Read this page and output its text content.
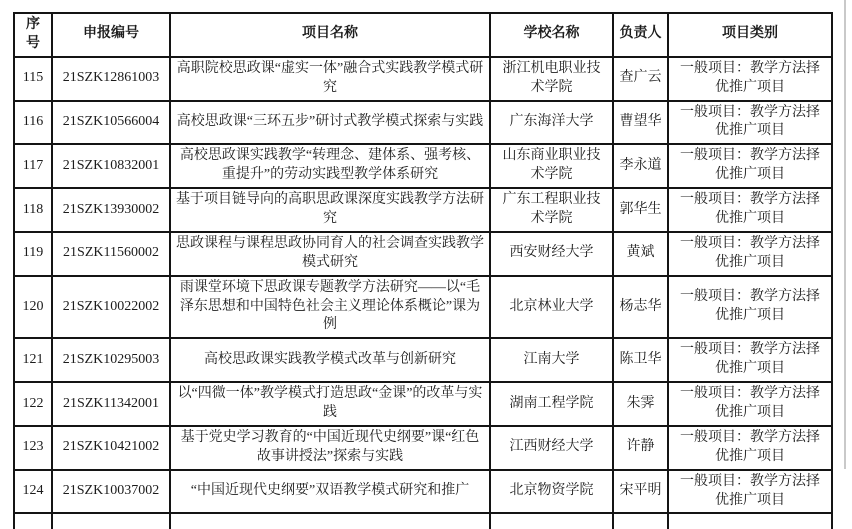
序号	申报编号	项目名称	学校名称	负责人	项目类别
115	21SZK12861003	高职院校思政课“虚实一体”融合式实践教学模式研究	浙江机电职业技术学院	查广云	一般项目：教学方法择优推广项目
116	21SZK10566004	高校思政课“三环五步”研讨式教学模式探索与实践	广东海洋大学	曹望华	一般项目：教学方法择优推广项目
117	21SZK10832001	高校思政课实践教学“转理念、建体系、强考核、重提升”的劳动实践型教学体系研究	山东商业职业技术学院	李永道	一般项目：教学方法择优推广项目
118	21SZK13930002	基于项目链导向的高职思政课深度实践教学方法研究	广东工程职业技术学院	郭华生	一般项目：教学方法择优推广项目
119	21SZK11560002	思政课程与课程思政协同育人的社会调查实践教学模式研究	西安财经大学	黄斌	一般项目：教学方法择优推广项目
120	21SZK10022002	雨课堂环境下思政课专题教学方法研究——以“毛泽东思想和中国特色社会主义理论体系概论”课为例	北京林业大学	杨志华	一般项目：教学方法择优推广项目
121	21SZK10295003	高校思政课实践教学模式改革与创新研究	江南大学	陈卫华	一般项目：教学方法择优推广项目
122	21SZK11342001	以“四微一体”教学模式打造思政“金课”的改革与实践	湖南工程学院	朱霁	一般项目：教学方法择优推广项目
123	21SZK10421002	基于党史学习教育的“中国近现代史纲要”课“红色故事讲授法”探索与实践	江西财经大学	许静	一般项目：教学方法择优推广项目
124	21SZK10037002	“中国近现代史纲要”双语教学模式研究和推广	北京物资学院	宋平明	一般项目：教学方法择优推广项目
